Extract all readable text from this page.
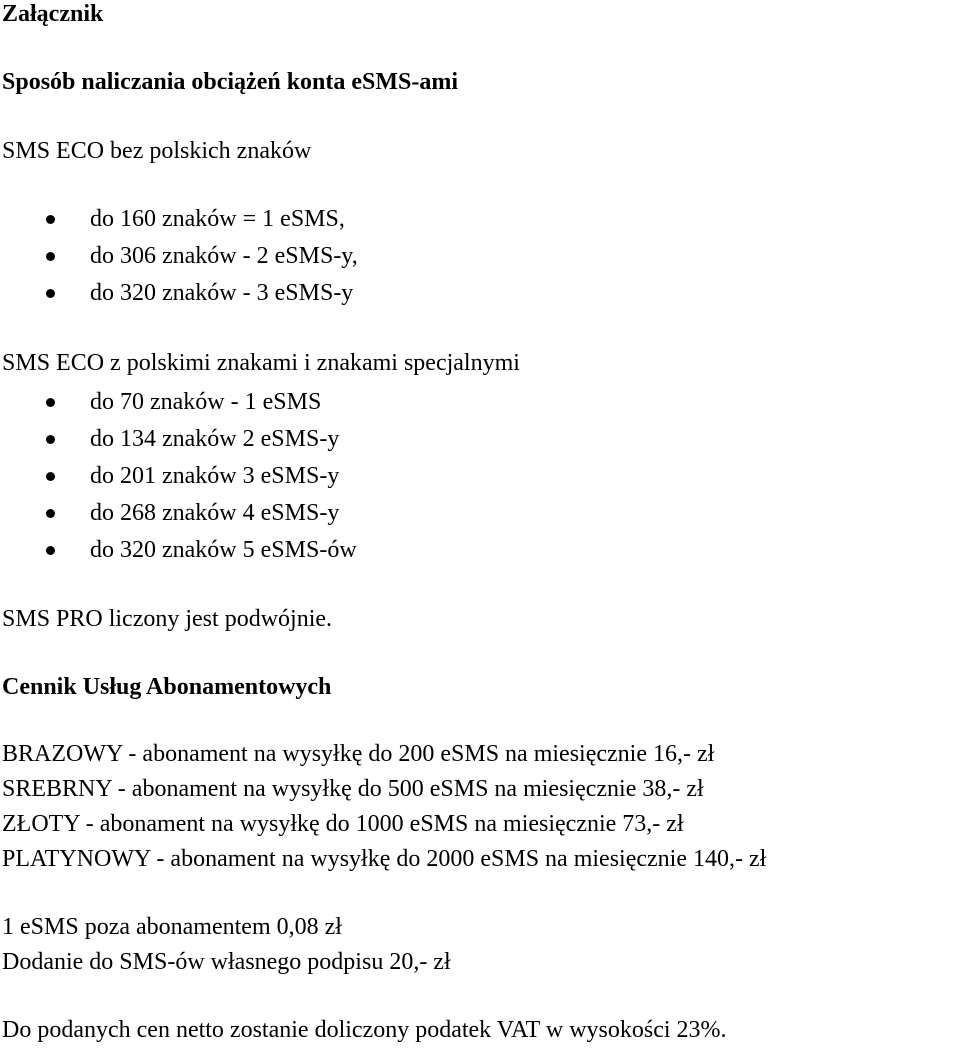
Załącznik
Sposób naliczania obciążeń konta eSMS-ami
SMS ECO bez polskich znaków
do 160 znaków = 1 eSMS,
do 306 znaków - 2 eSMS-y,
do 320 znaków - 3 eSMS-y
SMS ECO z polskimi znakami i znakami specjalnymi
do 70 znaków - 1 eSMS
do 134 znaków 2 eSMS-y
do 201 znaków 3 eSMS-y
do 268 znaków 4 eSMS-y
do 320 znaków 5 eSMS-ów
SMS PRO liczony jest podwójnie.
Cennik Usług Abonamentowych
BRAZOWY - abonament na wysyłkę do 200 eSMS na miesięcznie 16,- zł
SREBRNY - abonament na wysyłkę do 500 eSMS na miesięcznie 38,- zł
ZŁOTY - abonament na wysyłkę do 1000 eSMS na miesięcznie 73,- zł
PLATYNOWY - abonament na wysyłkę do 2000 eSMS na miesięcznie 140,- zł
1 eSMS poza abonamentem 0,08 zł
Dodanie do SMS-ów własnego podpisu 20,- zł
Do podanych cen netto zostanie doliczony podatek VAT w wysokości 23%.
